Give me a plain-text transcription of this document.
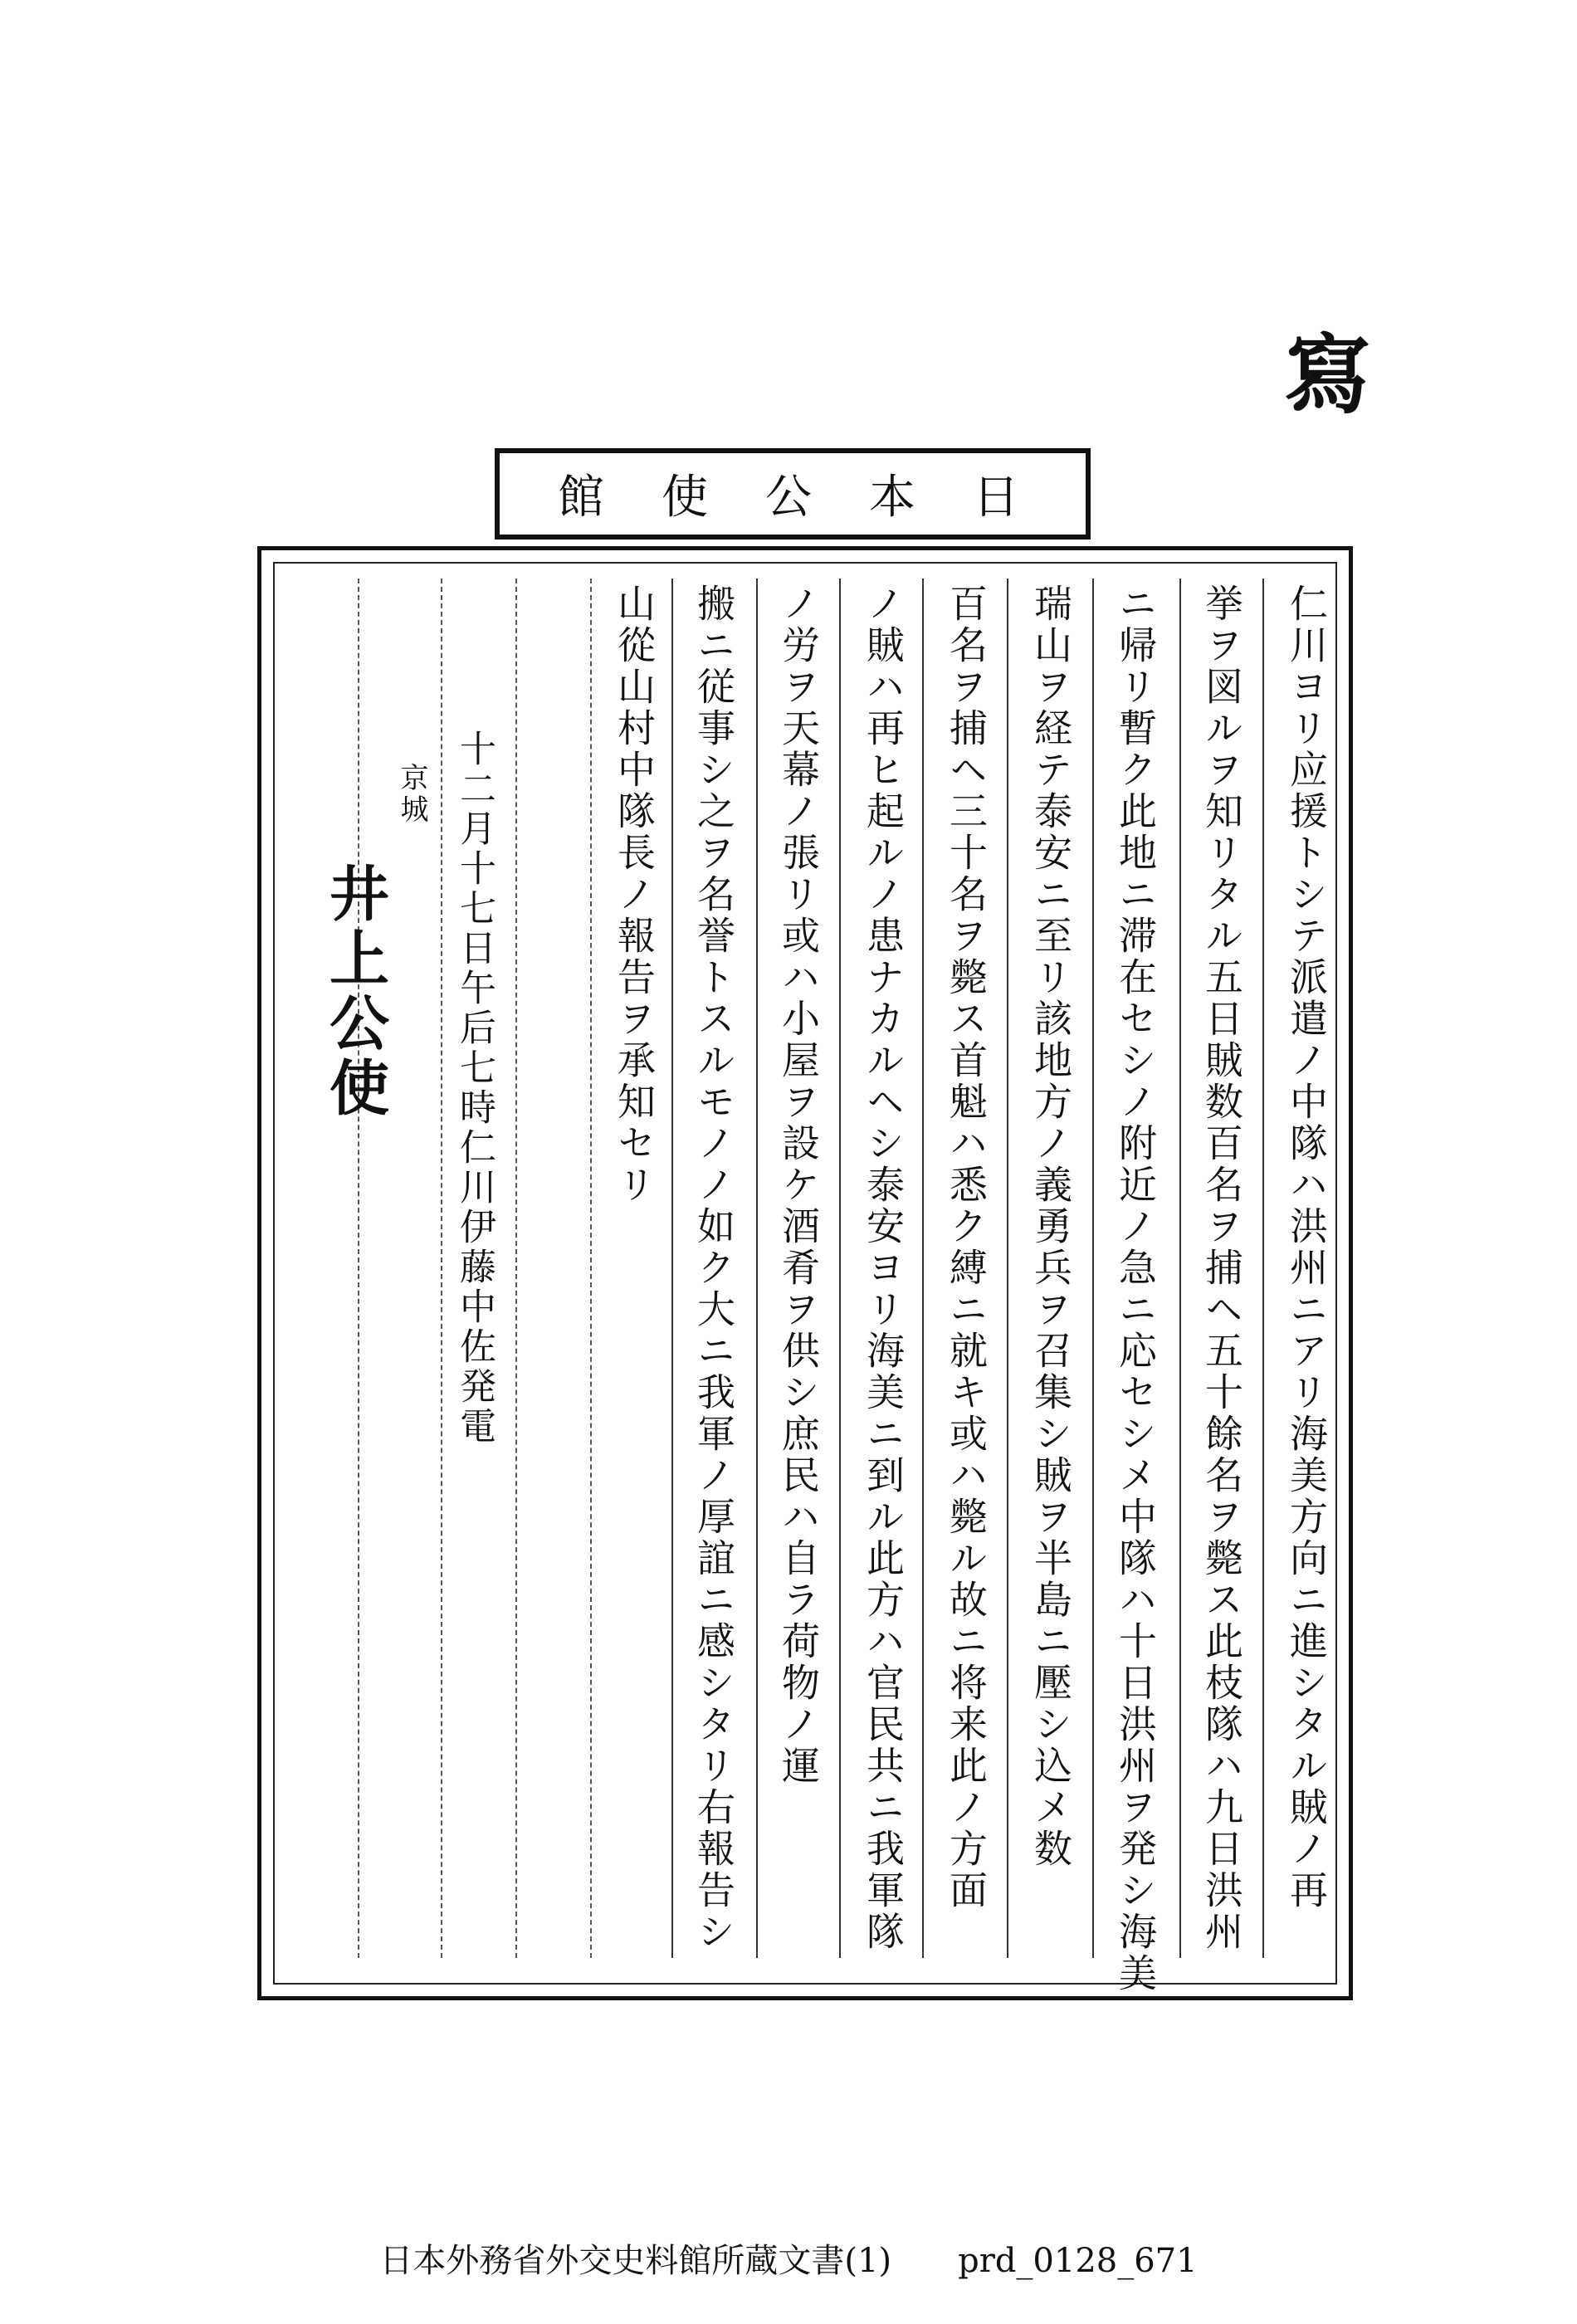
寫
日
本
公
使
館
仁川ヨリ应援トシテ派遣ノ中隊ハ洪州ニアリ海美方向ニ進シタル賊ノ再
挙ヲ図ルヲ知リタル五日賊数百名ヲ捕ヘ五十餘名ヲ斃ス此枝隊ハ九日洪州
ニ帰リ暫ク此地ニ滞在セシノ附近ノ急ニ応セシメ中隊ハ十日洪州ヲ発シ海美
瑞山ヲ経テ泰安ニ至リ該地方ノ義勇兵ヲ召集シ賊ヲ半島ニ壓シ込メ数
百名ヲ捕ヘ三十名ヲ斃ス首魁ハ悉ク縛ニ就キ或ハ斃ル故ニ将来此ノ方面
ノ賊ハ再ヒ起ルノ患ナカルヘシ泰安ヨリ海美ニ到ル此方ハ官民共ニ我軍隊
ノ労ヲ天幕ノ張リ或ハ小屋ヲ設ケ酒肴ヲ供シ庶民ハ自ラ荷物ノ運
搬ニ従事シ之ヲ名誉トスルモノノ如ク大ニ我軍ノ厚誼ニ感シタリ右報告シ
山從山村中隊長ノ報告ヲ承知セリ
十二月十七日午后七時仁川伊藤中佐発電
京城
井上公使
日本外務省外交史料館所蔵文書(1) prd_0128_671
